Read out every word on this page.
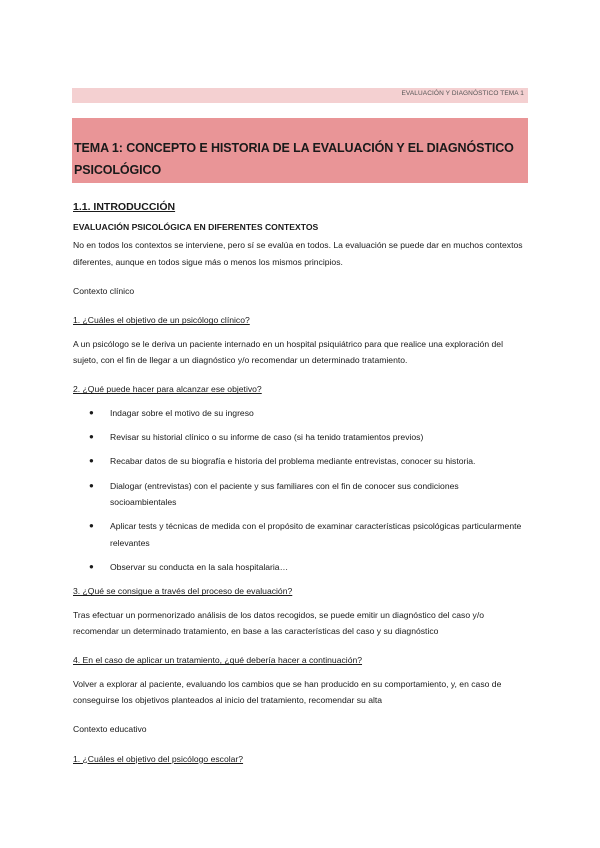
EVALUACIÓN Y DIAGNÓSTICO TEMA 1
TEMA 1: CONCEPTO E HISTORIA DE LA EVALUACIÓN Y EL DIAGNÓSTICO PSICOLÓGICO
1.1. INTRODUCCIÓN
EVALUACIÓN PSICOLÓGICA EN DIFERENTES CONTEXTOS

No en todos los contextos se interviene, pero sí se evalúa en todos. La evaluación se puede dar en muchos contextos diferentes, aunque en todos sigue más o menos los mismos principios.

Contexto clínico

1. ¿Cuáles el objetivo de un psicólogo clínico?

A un psicólogo se le deriva un paciente internado en un hospital psiquiátrico para que realice una exploración del sujeto, con el fin de llegar a un diagnóstico y/o recomendar un determinado tratamiento.

2. ¿Qué puede hacer para alcanzar ese objetivo?

● Indagar sobre el motivo de su ingreso
● Revisar su historial clínico o su informe de caso (si ha tenido tratamientos previos)
● Recabar datos de su biografía e historia del problema mediante entrevistas, conocer su historia.
● Dialogar (entrevistas) con el paciente y sus familiares con el fin de conocer sus condiciones socioambientales
● Aplicar tests y técnicas de medida con el propósito de examinar características psicológicas particularmente relevantes
● Observar su conducta en la sala hospitalaria…

3. ¿Qué se consigue a través del proceso de evaluación?

Tras efectuar un pormenorizado análisis de los datos recogidos, se puede emitir un diagnóstico del caso y/o recomendar un determinado tratamiento, en base a las características del caso y su diagnóstico

4. En el caso de aplicar un tratamiento, ¿qué debería hacer a continuación?

Volver a explorar al paciente, evaluando los cambios que se han producido en su comportamiento, y, en caso de conseguirse los objetivos planteados al inicio del tratamiento, recomendar su alta

Contexto educativo

1. ¿Cuáles el objetivo del psicólogo escolar?
